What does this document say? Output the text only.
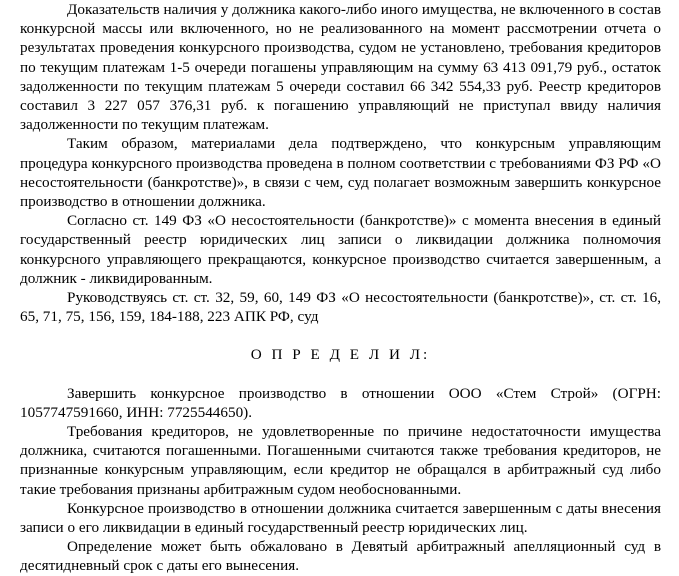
Доказательств наличия у должника какого-либо иного имущества, не включенного в состав конкурсной массы или включенного, но не реализованного на момент рассмотрении отчета о результатах проведения конкурсного производства, судом не установлено, требования кредиторов по текущим платежам 1-5 очереди погашены управляющим на сумму 63 413 091,79 руб., остаток задолженности по текущим платежам 5 очереди составил 66 342 554,33 руб. Реестр кредиторов составил 3 227 057 376,31 руб. к погашению управляющий не приступал ввиду наличия задолженности по текущим платежам.

Таким образом, материалами дела подтверждено, что конкурсным управляющим процедура конкурсного производства проведена в полном соответствии с требованиями ФЗ РФ «О несостоятельности (банкротстве)», в связи с чем, суд полагает возможным завершить конкурсное производство в отношении должника.

Согласно ст. 149 ФЗ «О несостоятельности (банкротстве)» с момента внесения в единый государственный реестр юридических лиц записи о ликвидации должника полномочия конкурсного управляющего прекращаются, конкурсное производство считается завершенным, а должник - ликвидированным.

Руководствуясь ст. ст. 32, 59, 60, 149 ФЗ «О несостоятельности (банкротстве)», ст. ст. 16, 65, 71, 75, 156, 159, 184-188, 223 АПК РФ, суд

О П Р Е Д Е Л И Л:

Завершить конкурсное производство в отношении ООО «Стем Строй» (ОГРН: 1057747591660, ИНН: 7725544650).

Требования кредиторов, не удовлетворенные по причине недостаточности имущества должника, считаются погашенными. Погашенными считаются также требования кредиторов, не признанные конкурсным управляющим, если кредитор не обращался в арбитражный суд либо такие требования признаны арбитражным судом необоснованными.

Конкурсное производство в отношении должника считается завершенным с даты внесения записи о его ликвидации в единый государственный реестр юридических лиц.

Определение может быть обжаловано в Девятый арбитражный апелляционный суд в десятидневный срок с даты его вынесения.
